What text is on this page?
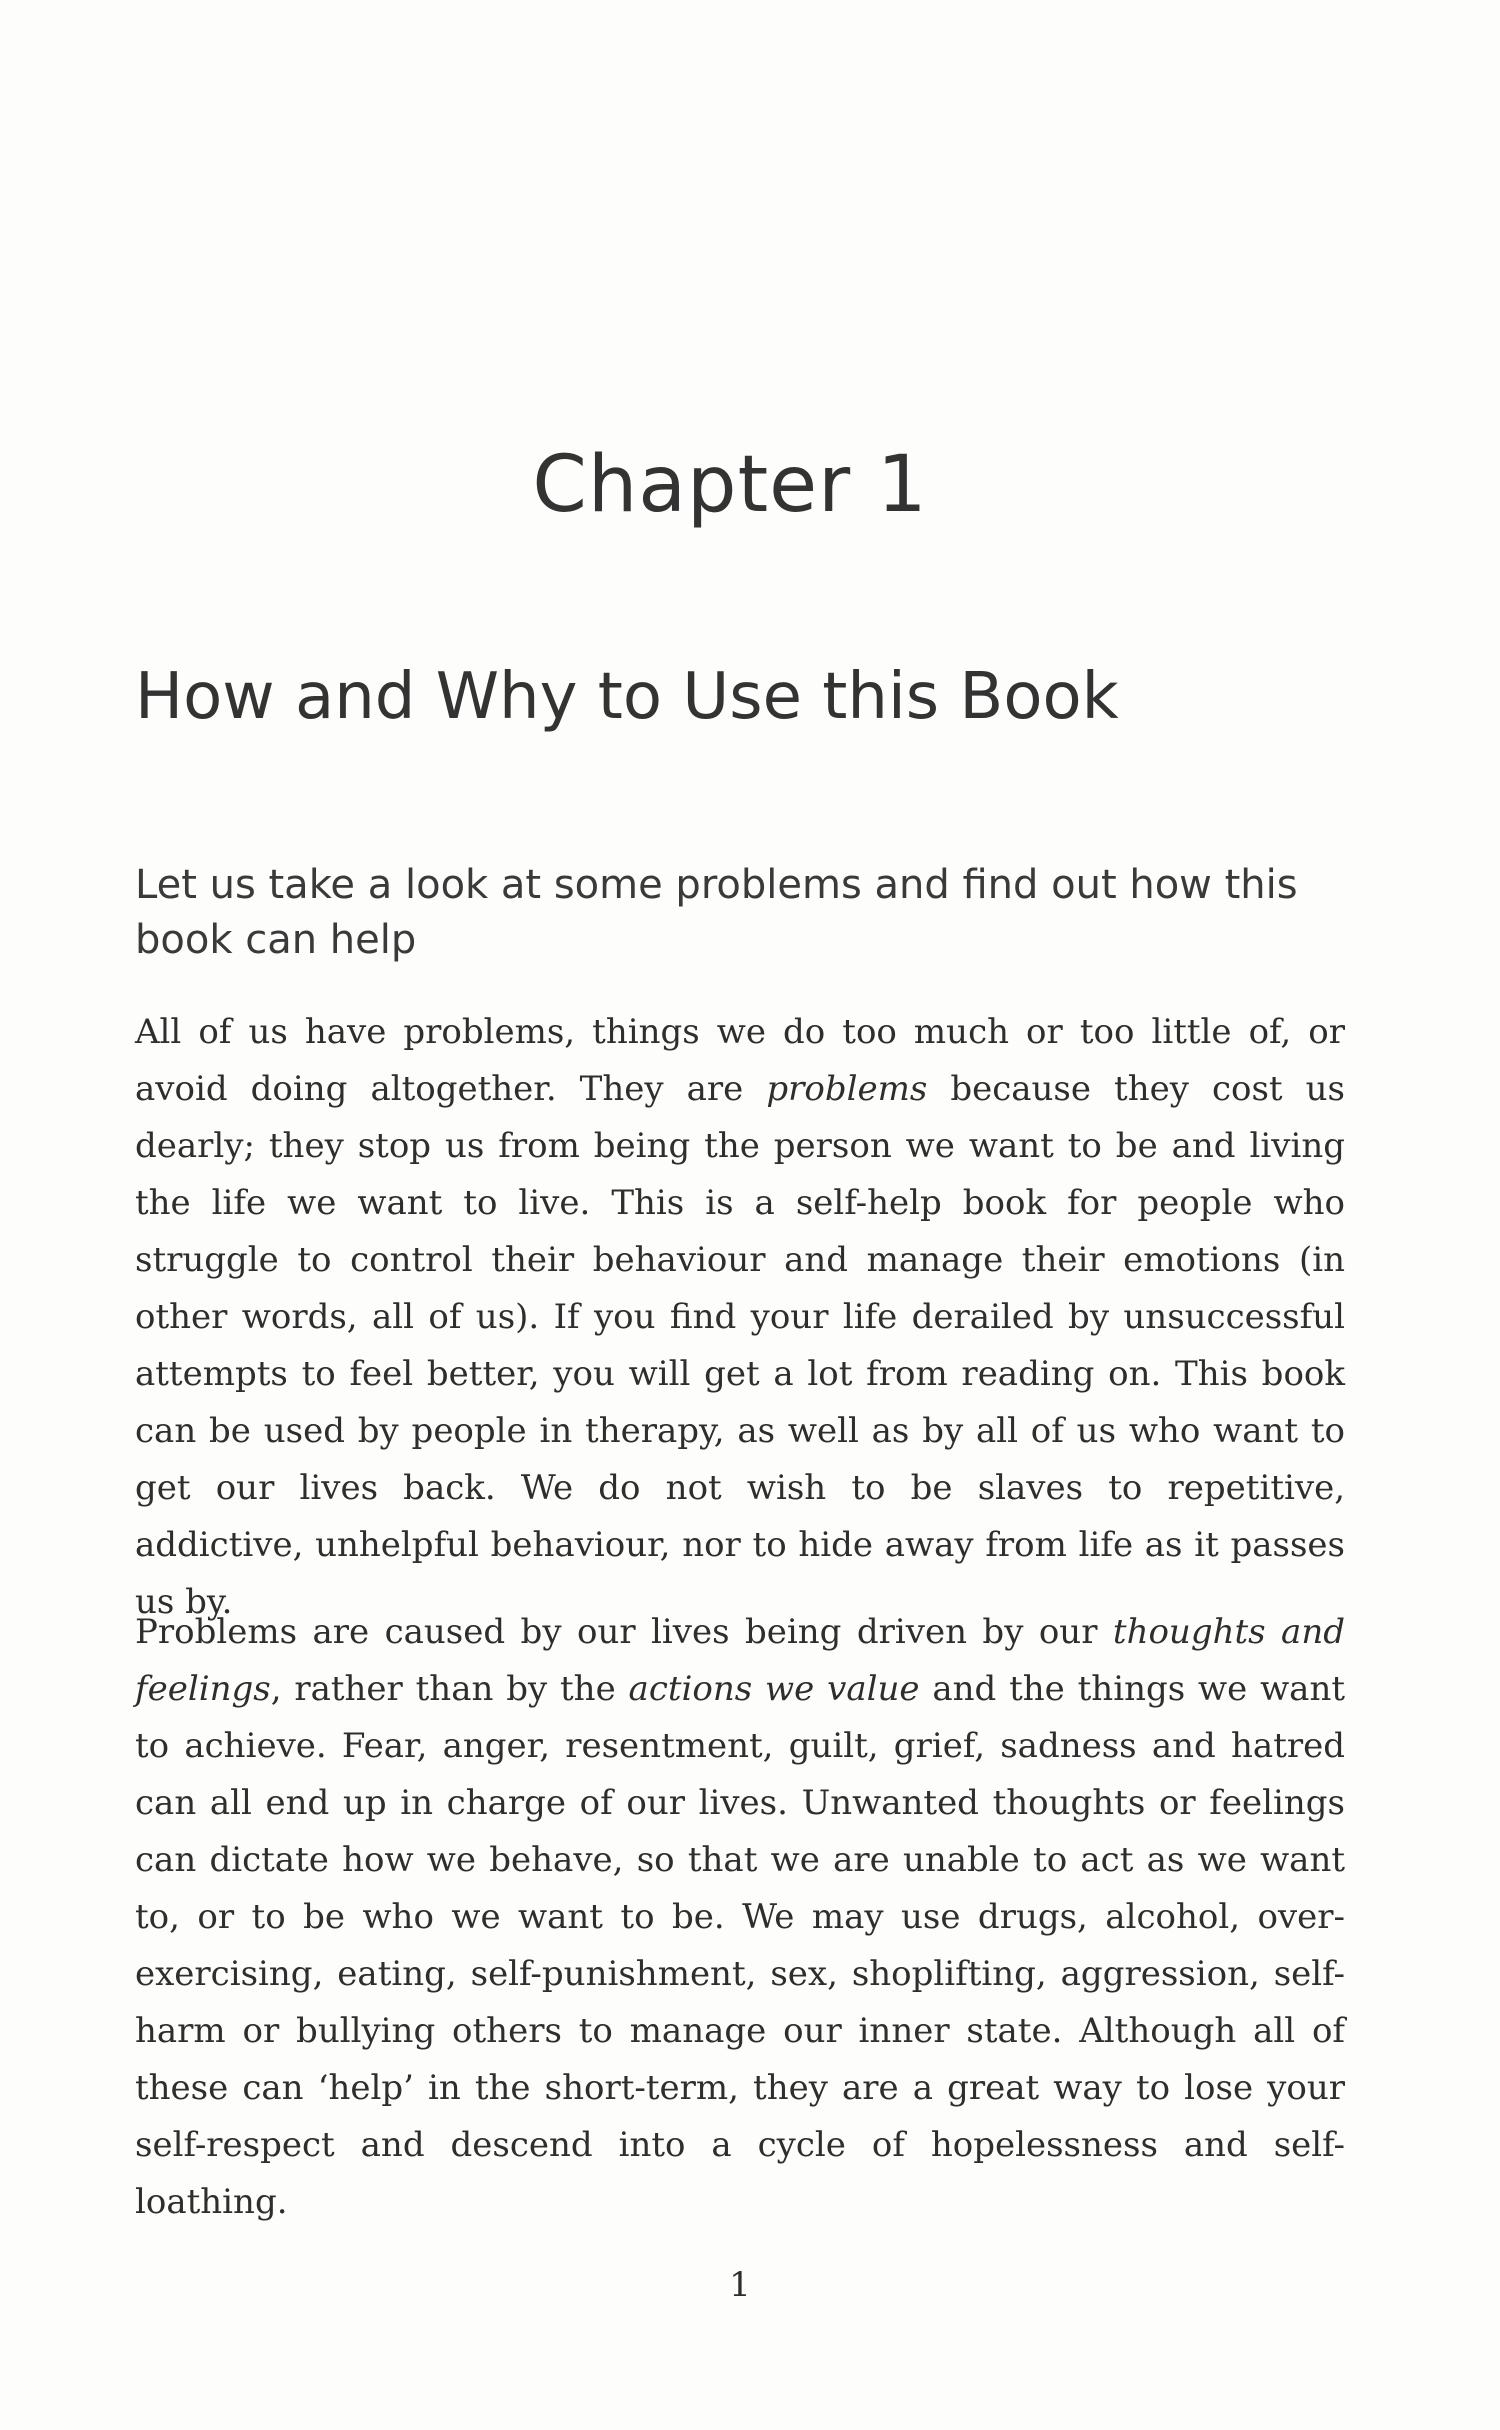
Chapter 1
How and Why to Use this Book
Let us take a look at some problems and find out how this book can help

All of us have problems, things we do too much or too little of, or avoid doing altogether. They are problems because they cost us dearly; they stop us from being the person we want to be and living the life we want to live. This is a self-help book for people who struggle to control their behaviour and manage their emotions (in other words, all of us). If you find your life derailed by unsuccessful attempts to feel better, you will get a lot from reading on. This book can be used by people in therapy, as well as by all of us who want to get our lives back. We do not wish to be slaves to repetitive, addictive, unhelpful behaviour, nor to hide away from life as it passes us by.

Problems are caused by our lives being driven by our thoughts and feelings, rather than by the actions we value and the things we want to achieve. Fear, anger, resentment, guilt, grief, sadness and hatred can all end up in charge of our lives. Unwanted thoughts or feelings can dictate how we behave, so that we are unable to act as we want to, or to be who we want to be. We may use drugs, alcohol, over-exercising, eating, self-punishment, sex, shoplifting, aggression, self-harm or bullying others to manage our inner state. Although all of these can ‘help’ in the short-term, they are a great way to lose your self-respect and descend into a cycle of hopelessness and self-loathing.

1
